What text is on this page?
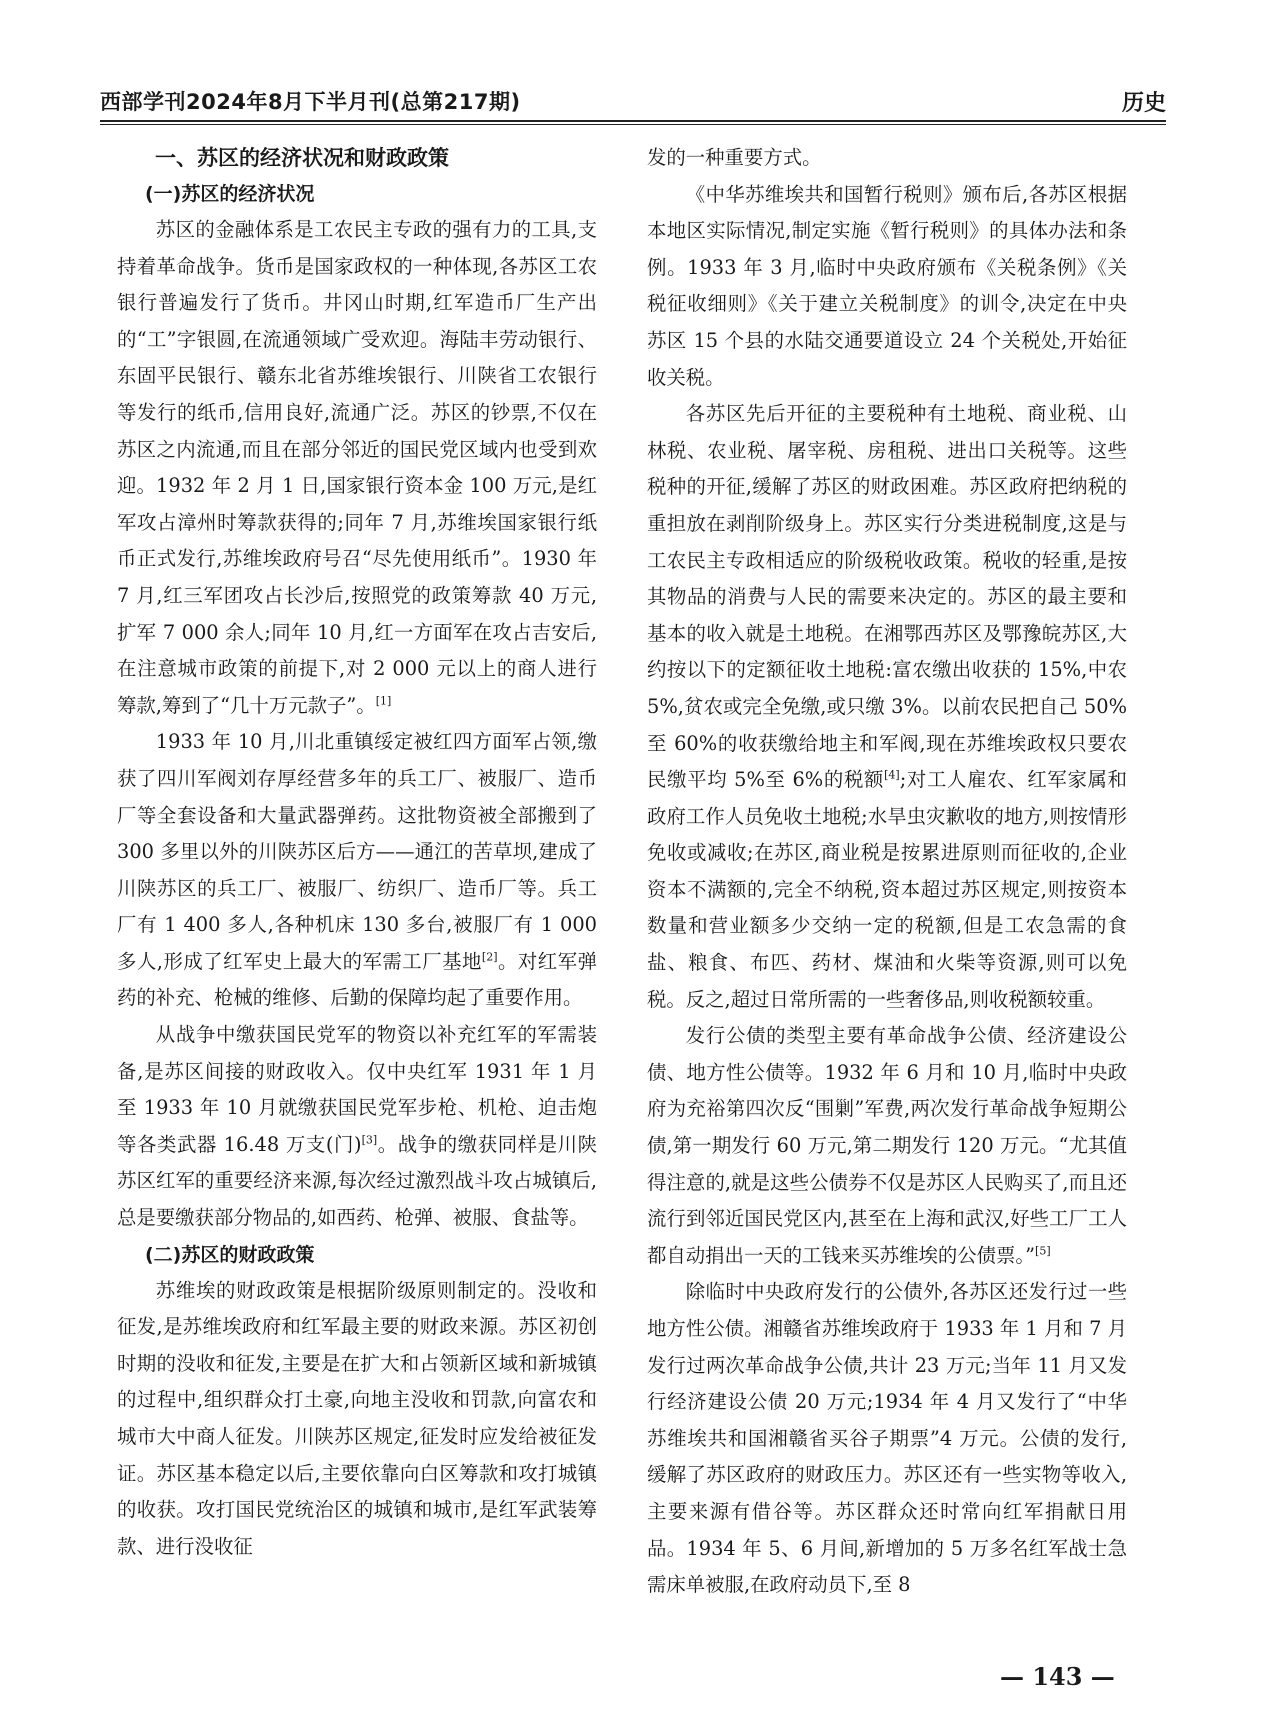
西部学刊2024年8月下半月刊(总第217期)	历史
一、苏区的经济状况和财政政策
(一)苏区的经济状况

苏区的金融体系是工农民主专政的强有力的工具,支持着革命战争。货币是国家政权的一种体现,各苏区工农银行普遍发行了货币。井冈山时期,红军造币厂生产出的“工”字银圆,在流通领域广受欢迎。海陆丰劳动银行、东固平民银行、赣东北省苏维埃银行、川陕省工农银行等发行的纸币,信用良好,流通广泛。苏区的钞票,不仅在苏区之内流通,而且在部分邻近的国民党区域内也受到欢迎。1932 年 2 月 1 日,国家银行资本金 100 万元,是红军攻占漳州时筹款获得的;同年 7 月,苏维埃国家银行纸币正式发行,苏维埃政府号召“尽先使用纸币”。1930 年 7 月,红三军团攻占长沙后,按照党的政策筹款 40 万元,扩军 7 000 余人;同年 10 月,红一方面军在攻占吉安后,在注意城市政策的前提下,对 2 000 元以上的商人进行筹款,筹到了“几十万元款子”。[1]

1933 年 10 月,川北重镇绥定被红四方面军占领,缴获了四川军阀刘存厚经营多年的兵工厂、被服厂、造币厂等全套设备和大量武器弹药。这批物资被全部搬到了 300 多里以外的川陕苏区后方——通江的苦草坝,建成了川陕苏区的兵工厂、被服厂、纺织厂、造币厂等。兵工厂有 1 400 多人,各种机床 130 多台,被服厂有 1 000 多人,形成了红军史上最大的军需工厂基地[2]。对红军弹药的补充、枪械的维修、后勤的保障均起了重要作用。

从战争中缴获国民党军的物资以补充红军的军需装备,是苏区间接的财政收入。仅中央红军 1931 年 1 月至 1933 年 10 月就缴获国民党军步枪、机枪、迫击炮等各类武器 16.48 万支(门)[3]。战争的缴获同样是川陕苏区红军的重要经济来源,每次经过激烈战斗攻占城镇后,总是要缴获部分物品的,如西药、枪弹、被服、食盐等。

(二)苏区的财政政策

苏维埃的财政政策是根据阶级原则制定的。没收和征发,是苏维埃政府和红军最主要的财政来源。苏区初创时期的没收和征发,主要是在扩大和占领新区域和新城镇的过程中,组织群众打土豪,向地主没收和罚款,向富农和城市大中商人征发。川陕苏区规定,征发时应发给被征发证。苏区基本稳定以后,主要依靠向白区筹款和攻打城镇的收获。攻打国民党统治区的城镇和城市,是红军武装筹款、进行没收征

发的一种重要方式。

《中华苏维埃共和国暂行税则》颁布后,各苏区根据本地区实际情况,制定实施《暂行税则》的具体办法和条例。1933 年 3 月,临时中央政府颁布《关税条例》《关税征收细则》《关于建立关税制度》的训令,决定在中央苏区 15 个县的水陆交通要道设立 24 个关税处,开始征收关税。

各苏区先后开征的主要税种有土地税、商业税、山林税、农业税、屠宰税、房租税、进出口关税等。这些税种的开征,缓解了苏区的财政困难。苏区政府把纳税的重担放在剥削阶级身上。苏区实行分类进税制度,这是与工农民主专政相适应的阶级税收政策。税收的轻重,是按其物品的消费与人民的需要来决定的。苏区的最主要和基本的收入就是土地税。在湘鄂西苏区及鄂豫皖苏区,大约按以下的定额征收土地税:富农缴出收获的 15%,中农 5%,贫农或完全免缴,或只缴 3%。以前农民把自己 50%至 60%的收获缴给地主和军阀,现在苏维埃政权只要农民缴平均 5%至 6%的税额[4];对工人雇农、红军家属和政府工作人员免收土地税;水旱虫灾歉收的地方,则按情形免收或减收;在苏区,商业税是按累进原则而征收的,企业资本不满额的,完全不纳税,资本超过苏区规定,则按资本数量和营业额多少交纳一定的税额,但是工农急需的食盐、粮食、布匹、药材、煤油和火柴等资源,则可以免税。反之,超过日常所需的一些奢侈品,则收税额较重。

发行公债的类型主要有革命战争公债、经济建设公债、地方性公债等。1932 年 6 月和 10 月,临时中央政府为充裕第四次反“围剿”军费,两次发行革命战争短期公债,第一期发行 60 万元,第二期发行 120 万元。“尤其值得注意的,就是这些公债券不仅是苏区人民购买了,而且还流行到邻近国民党区内,甚至在上海和武汉,好些工厂工人都自动捐出一天的工钱来买苏维埃的公债票。”[5]

除临时中央政府发行的公债外,各苏区还发行过一些地方性公债。湘赣省苏维埃政府于 1933 年 1 月和 7 月发行过两次革命战争公债,共计 23 万元;当年 11 月又发行经济建设公债 20 万元;1934 年 4 月又发行了“中华苏维埃共和国湘赣省买谷子期票”4 万元。公债的发行,缓解了苏区政府的财政压力。苏区还有一些实物等收入,主要来源有借谷等。苏区群众还时常向红军捐献日用品。1934 年 5、6 月间,新增加的 5 万多名红军战士急需床单被服,在政府动员下,至 8

— 143 —
